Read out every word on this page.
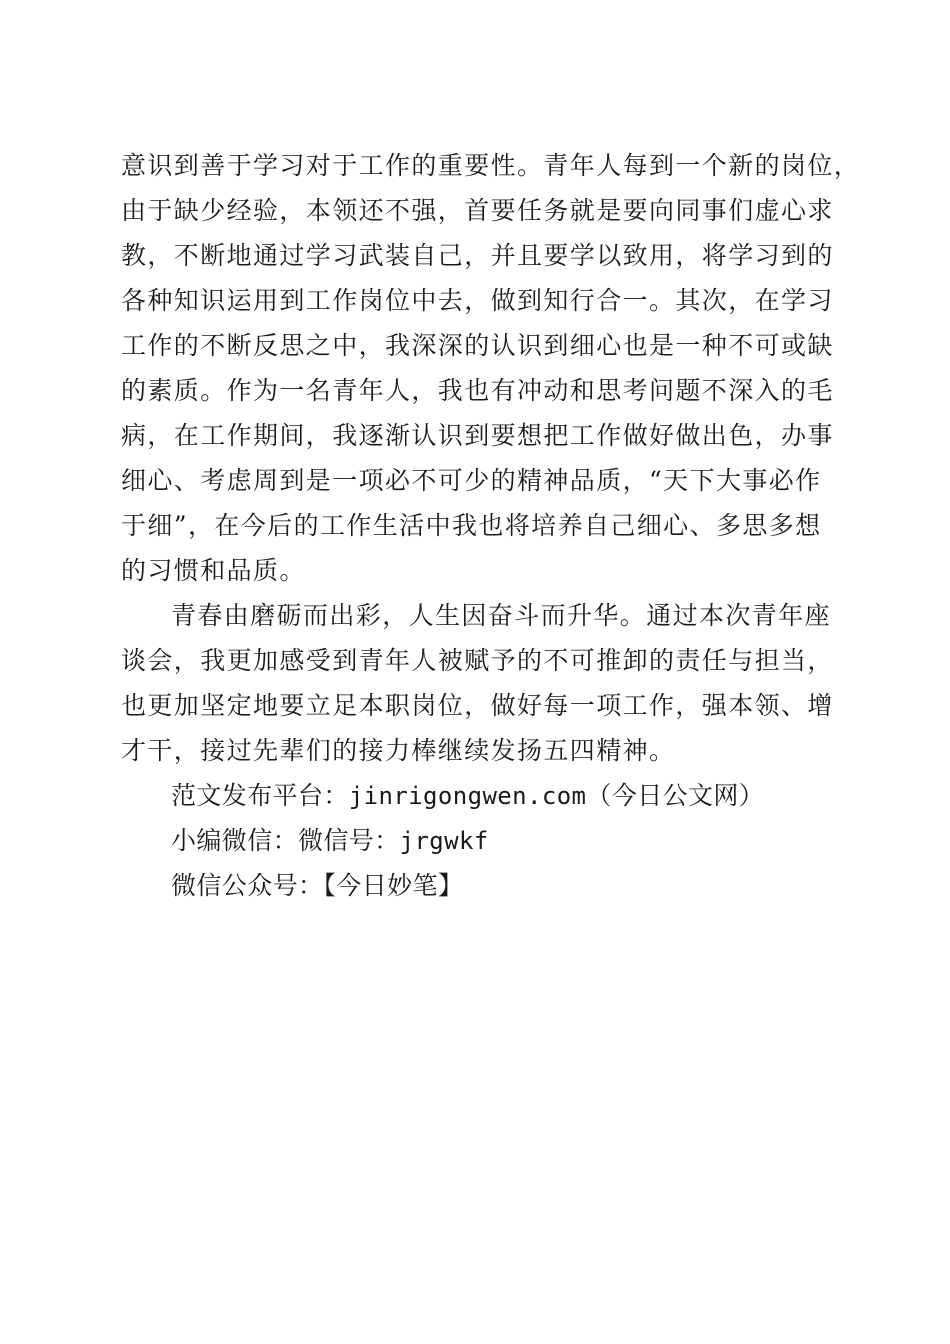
意识到善于学习对于工作的重要性。青年人每到一个新的岗位，
由于缺少经验，本领还不强，首要任务就是要向同事们虚心求
教，不断地通过学习武装自己，并且要学以致用，将学习到的
各种知识运用到工作岗位中去，做到知行合一。其次，在学习
工作的不断反思之中，我深深的认识到细心也是一种不可或缺
的素质。作为一名青年人，我也有冲动和思考问题不深入的毛
病，在工作期间，我逐渐认识到要想把工作做好做出色，办事
细心、考虑周到是一项必不可少的精神品质，“天下大事必作
于细”，在今后的工作生活中我也将培养自己细心、多思多想
的习惯和品质。
青春由磨砺而出彩，人生因奋斗而升华。通过本次青年座
谈会，我更加感受到青年人被赋予的不可推卸的责任与担当，
也更加坚定地要立足本职岗位，做好每一项工作，强本领、增
才干，接过先辈们的接力棒继续发扬五四精神。
范文发布平台：jinrigongwen.com（今日公文网）
小编微信：微信号：jrgwkf
微信公众号：【今日妙笔】
